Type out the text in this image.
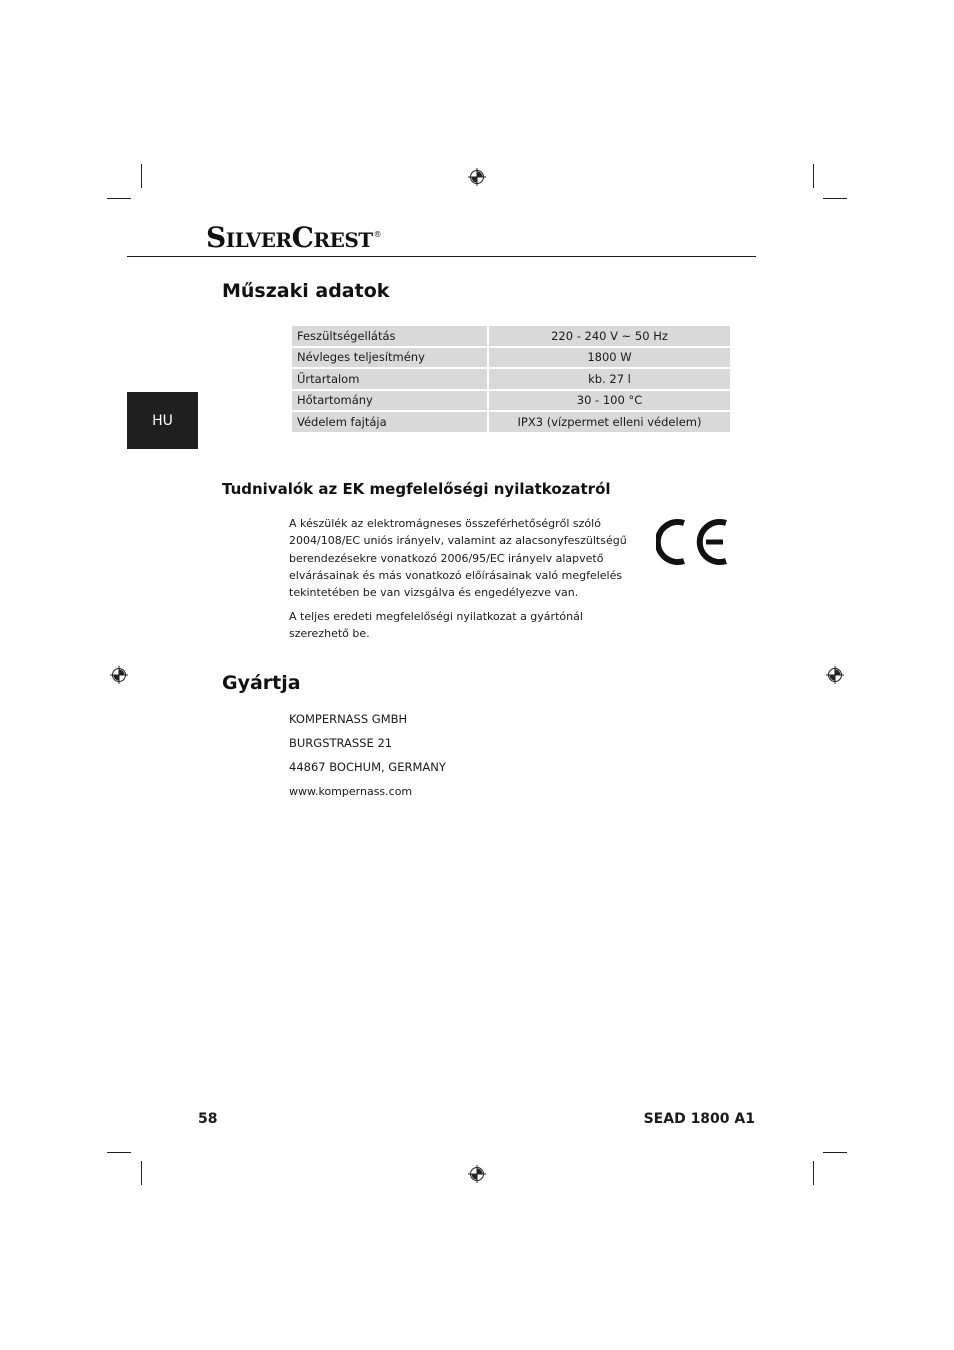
SILVERCREST®
HU
Műszaki adatok
Feszültségellátás	220 - 240 V ~ 50 Hz
Névleges teljesítmény	1800 W
Űrtartalom	kb. 27 l
Hőtartomány	30 - 100 °C
Védelem fajtája	IPX3 (vízpermet elleni védelem)
Tudnivalók az EK megfelelőségi nyilatkozatról
A készülék az elektromágneses összeférhetőségről szóló 2004/108/EC uniós irányelv, valamint az alacsonyfeszültségű berendezésekre vonatkozó 2006/95/EC irányelv alapvető elvárásainak és más vonatkozó előírásainak való megfelelés tekintetében be van vizsgálva és engedélyezve van.
A teljes eredeti megfelelőségi nyilatkozat a gyártónál szerezhető be.
Gyártja
KOMPERNASS GMBH
BURGSTRASSE 21
44867 BOCHUM, GERMANY
www.kompernass.com
58	SEAD 1800 A1
